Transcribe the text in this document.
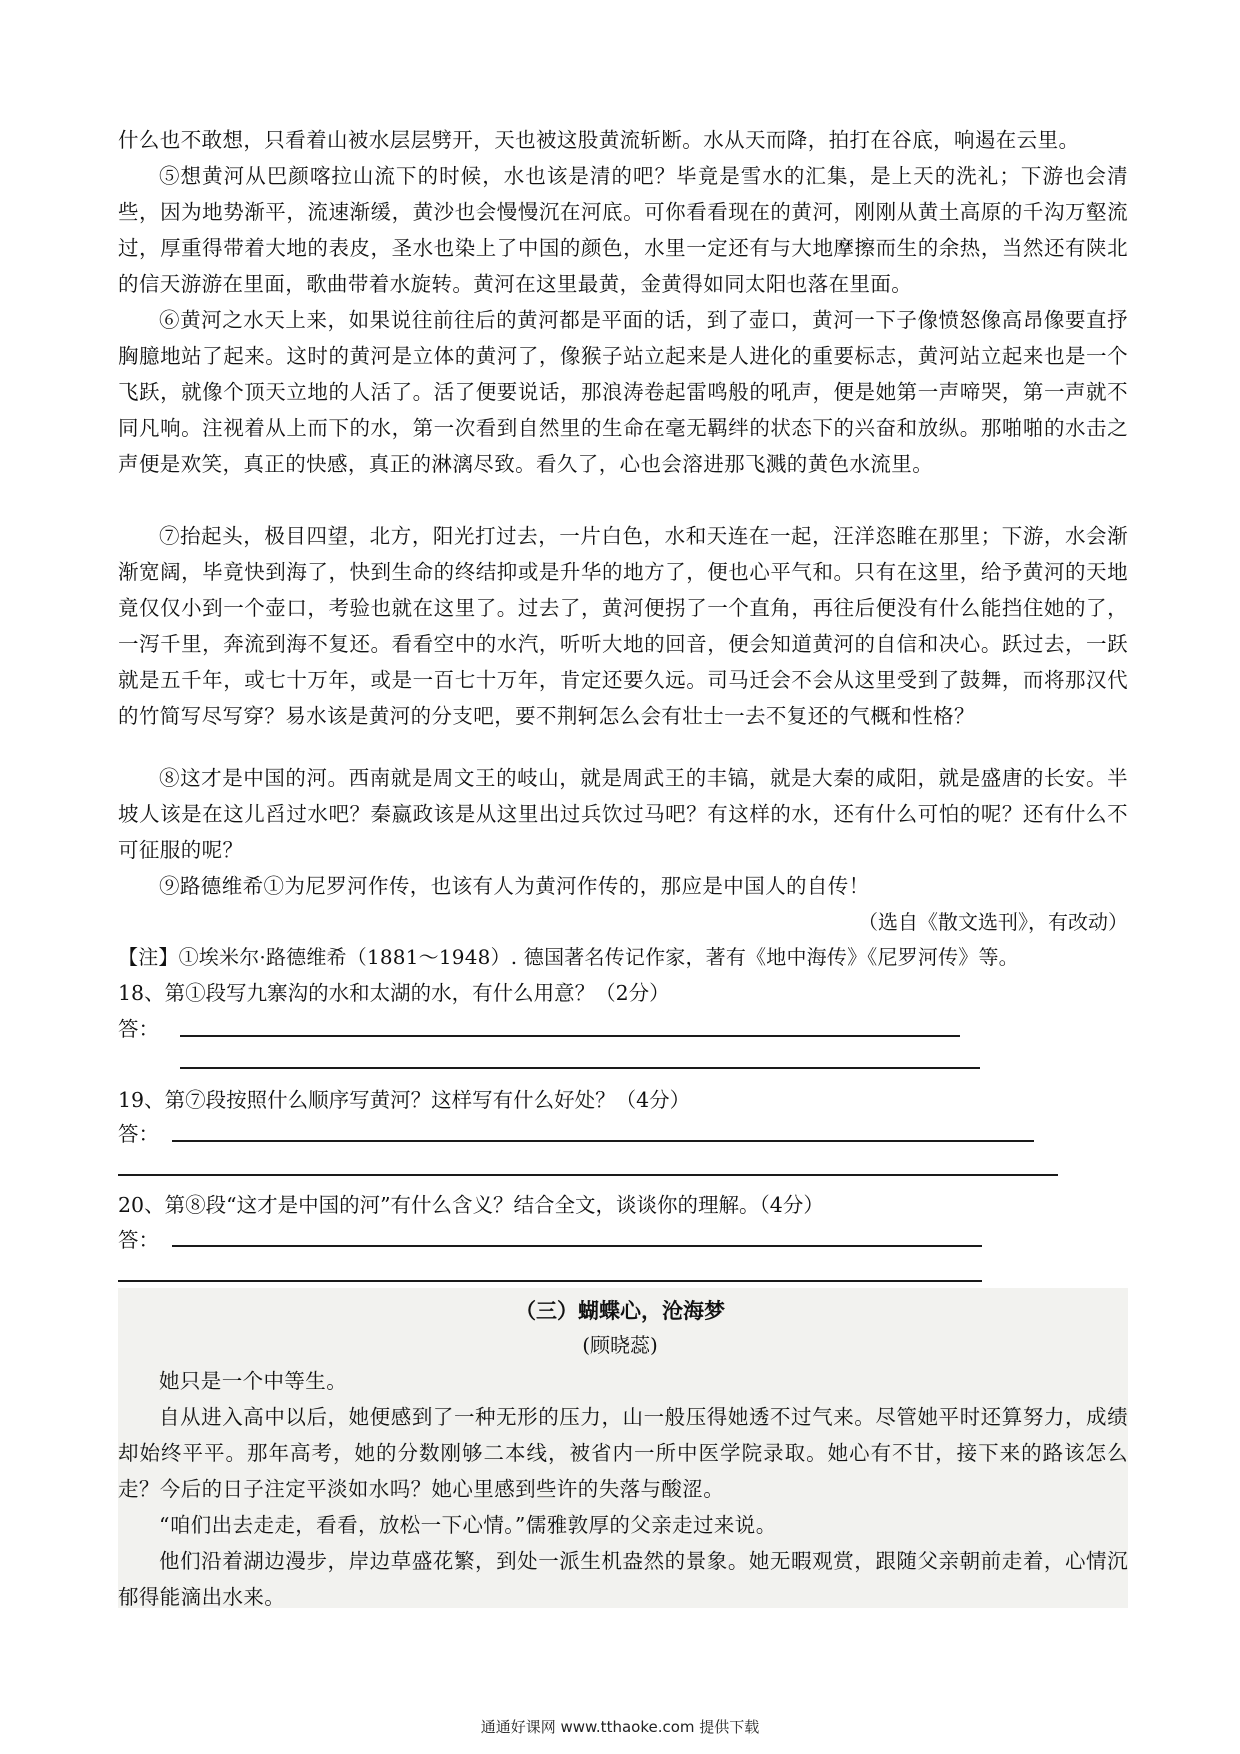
什么也不敢想，只看着山被水层层劈开，天也被这股黄流斩断。水从天而降，拍打在谷底，响遏在云里。

⑤想黄河从巴颜喀拉山流下的时候，水也该是清的吧？毕竟是雪水的汇集，是上天的洗礼；下游也会清些，因为地势渐平，流速渐缓，黄沙也会慢慢沉在河底。可你看看现在的黄河，刚刚从黄土高原的千沟万壑流过，厚重得带着大地的表皮，圣水也染上了中国的颜色，水里一定还有与大地摩擦而生的余热，当然还有陕北的信天游游在里面，歌曲带着水旋转。黄河在这里最黄，金黄得如同太阳也落在里面。

⑥黄河之水天上来，如果说往前往后的黄河都是平面的话，到了壶口，黄河一下子像愤怒像高昂像要直抒胸臆地站了起来。这时的黄河是立体的黄河了，像猴子站立起来是人进化的重要标志，黄河站立起来也是一个飞跃，就像个顶天立地的人活了。活了便要说话，那浪涛卷起雷鸣般的吼声，便是她第一声啼哭，第一声就不同凡响。注视着从上而下的水，第一次看到自然里的生命在毫无羁绊的状态下的兴奋和放纵。那啪啪的水击之声便是欢笑，真正的快感，真正的淋漓尽致。看久了，心也会溶进那飞溅的黄色水流里。

⑦抬起头，极目四望，北方，阳光打过去，一片白色，水和天连在一起，汪洋恣睢在那里；下游，水会渐渐宽阔，毕竟快到海了，快到生命的终结抑或是升华的地方了，便也心平气和。只有在这里，给予黄河的天地竟仅仅小到一个壶口，考验也就在这里了。过去了，黄河便拐了一个直角，再往后便没有什么能挡住她的了，一泻千里，奔流到海不复还。看看空中的水汽，听听大地的回音，便会知道黄河的自信和决心。跃过去，一跃就是五千年，或七十万年，或是一百七十万年，肯定还要久远。司马迁会不会从这里受到了鼓舞，而将那汉代的竹简写尽写穿？易水该是黄河的分支吧，要不荆轲怎么会有壮士一去不复还的气概和性格？

⑧这才是中国的河。西南就是周文王的岐山，就是周武王的丰镐，就是大秦的咸阳，就是盛唐的长安。半坡人该是在这儿舀过水吧？秦嬴政该是从这里出过兵饮过马吧？有这样的水，还有什么可怕的呢？还有什么不可征服的呢？

⑨路德维希①为尼罗河作传，也该有人为黄河作传的，那应是中国人的自传！

（选自《散文选刊》，有改动）

【注】①埃米尔·路德维希（1881～1948）. 德国著名传记作家，著有《地中海传》《尼罗河传》等。

18、第①段写九寨沟的水和太湖的水，有什么用意？（2分）

答：

19、第⑦段按照什么顺序写黄河？这样写有什么好处？（4分）

答：

20、第⑧段“这才是中国的河”有什么含义？结合全文，谈谈你的理解。（4分）

答：

（三）蝴蝶心，沧海梦

(顾晓蕊)

她只是一个中等生。

自从进入高中以后，她便感到了一种无形的压力，山一般压得她透不过气来。尽管她平时还算努力，成绩却始终平平。那年高考，她的分数刚够二本线，被省内一所中医学院录取。她心有不甘，接下来的路该怎么走？今后的日子注定平淡如水吗？她心里感到些许的失落与酸涩。

“咱们出去走走，看看，放松一下心情。”儒雅敦厚的父亲走过来说。

他们沿着湖边漫步，岸边草盛花繁，到处一派生机盎然的景象。她无暇观赏，跟随父亲朝前走着，心情沉郁得能滴出水来。

通通好课网 www.tthaoke.com 提供下载
